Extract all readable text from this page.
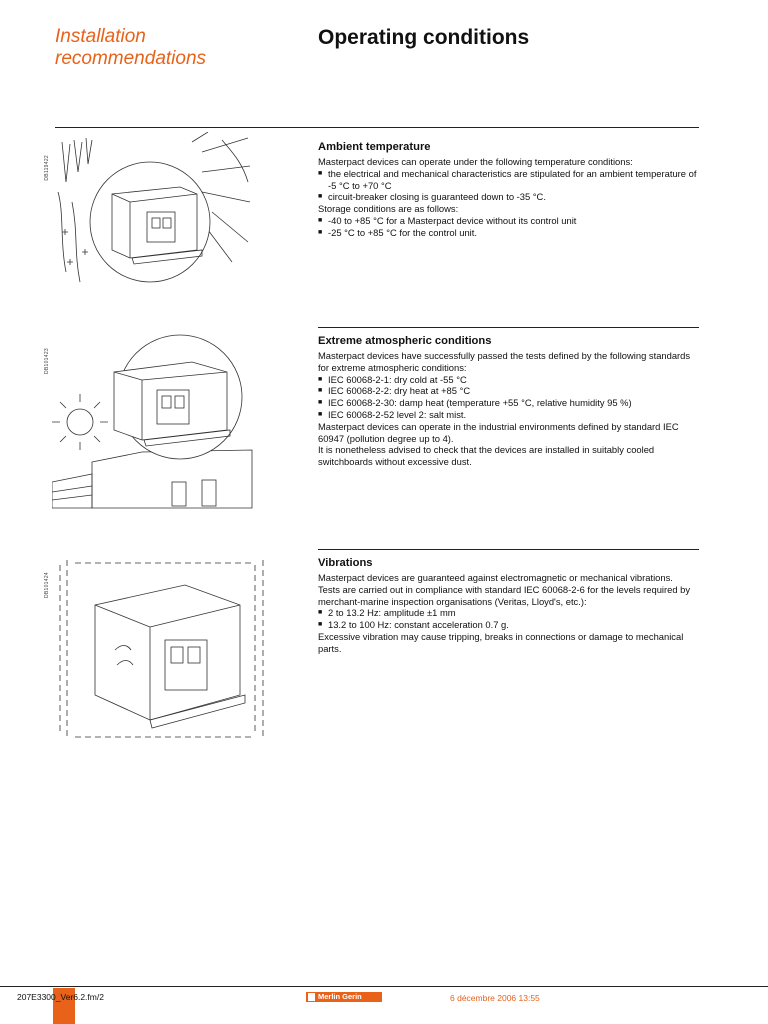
Installation
recommendations
Operating conditions
DB119422
Ambient temperature

Masterpact devices can operate under the following temperature conditions:

■ the electrical and mechanical characteristics are stipulated for an ambient temperature of -5 °C to +70 °C

■ circuit-breaker closing is guaranteed down to -35 °C.

Storage conditions are as follows:

■ -40 to +85 °C for a Masterpact device without its control unit

■ -25 °C to +85 °C for the control unit.

DB101423
Extreme atmospheric conditions

Masterpact devices have successfully passed the tests defined by the following standards for extreme atmospheric conditions:

■ IEC 60068-2-1: dry cold at -55 °C

■ IEC 60068-2-2: dry heat at +85 °C

■ IEC 60068-2-30: damp heat (temperature +55 °C, relative humidity 95 %)

■ IEC 60068-2-52 level 2: salt mist.

Masterpact devices can operate in the industrial environments defined by standard IEC 60947 (pollution degree up to 4).

It is nonetheless advised to check that the devices are installed in suitably cooled switchboards without excessive dust.

DB101424
Vibrations

Masterpact devices are guaranteed against electromagnetic or mechanical vibrations.

Tests are carried out in compliance with standard IEC 60068-2-6 for the levels required by merchant-marine inspection organisations (Veritas, Lloyd's, etc.):

■ 2 to 13.2 Hz: amplitude ±1 mm

■ 13.2 to 100 Hz: constant acceleration 0.7 g.

Excessive vibration may cause tripping, breaks in connections or damage to mechanical parts.

207E3300_Ver6.2.fm/2	Merlin Gerin	6 décembre 2006 13:55
